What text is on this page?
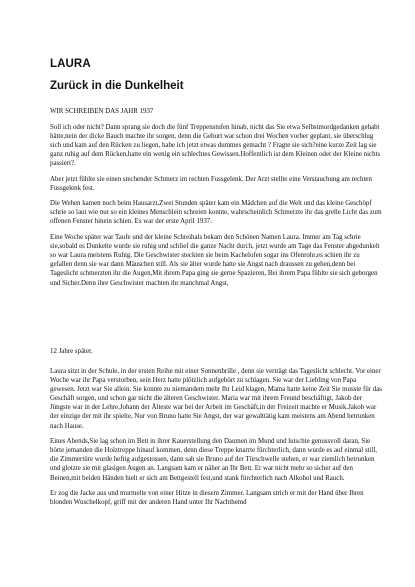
LAURA
Zurück in die Dunkelheit

WIR SCHREIBEN DAS JAHR 1937

Soll ich oder nicht? Dann sprang sie doch die fünf Treppenstufen hinab, nicht das Sie etwa Selbstmordgedanken gehabt hätte,nein der dicke Bauch machte ihr sorgen, denn die Geburt war schon drei Wochen vorher geplant, sie überschlug sich und kam auf den Rücken zu liegen, habe ich jetzt etwas dummes gemacht ? Fragte sie sich?eine kurze Zeit lag sie ganz ruhig auf dem Rücken,hatte ein wenig ein schlechtes Gewissen.Hoffentlich ist dem Kleinen oder der Kleine nichts passiert?.

Aber jetzt fühlte sie einen stechender Schmerz im rechten Fussgelenk. Der Arzt stellte eine Verstauchung am rechten Fussgelenk fest.

Die Wehen kamen noch beim Hausarzt,Zwei Stunden später kam ein Mädchen auf die Welt und das kleine Geschöpf schrie so laut wie nur so ein kleines Menschlein schreien konnte, wahrscheinlich Schmerzte ihr das grelle Licht das zum offenen Fenster hinein schien. Es war der erste April 1937.

Eine Woche später war Taufe und der kleine Schreihals bekam den Schönen Namen Laura. Immer am Tag schrie sie,sobald es Dunkelte wurde sie ruhig und schlief die ganze Nacht durch, jetzt wurde am Tage das Fenster abgedunkelt so war Laura meistens Ruhig. Die Geschwister steckten sie beim Kachelofen sogar ins Ofenrohr,es schien ihr zu gefallen denn sie war dann Mäuschen still. Als sie älter wurde hatte sie Angst nach draussen zu gehen,denn bei Tageslicht schmerzten ihr die Augen,Mit ihrem Papa ging sie gerne Spazieren, Bei ihrem Papa fühlte sie sich geborgen und Sicher.Denn ihre Geschwister machten ihr manchmal Angst,

12 Jahre später.

Laura sitzt in der Schule, in der ersten Reihe mit einer Sonnenbrille , denn sie verträgt das Tageslicht schlecht. Vor einer Woche war ihr Papa verstorben, sein Herz hatte plötzlich aufgehört zu schlagen. Sie war der Liebling von Papa gewesen. Jetzt war Sie allein. Sie konnte zu niemandem mehr Ihr Leid klagen, Mama hatte keine Zeit Sie musste für das Geschäft sorgen, und schon gar nicht die älteren Geschwister. Maria war mit ihrem Freund beschäftigt, Jakob der Jüngste war in der Lehre,Johann der Älteste war bei der Arbeit im Geschäft,in der Freizeit machte er Musik.Jakob war der einzige der mit ihr spielte, Nur von Bruno hatte Sie Angst, der war gewalttätig kam meistens am Abend betrunken nach Hause.

Eines Abends,Sie lag schon im Bett in ihrer Kauerstellung den Daumen im Mund und lutschte genussvoll daran, Sie hörte jemanden die Holztreppe hinauf kommen, denn diese Treppe knarrte fürchterlich, dann wurde es auf einmal still, die Zimmertüre wurde heftig aufgestossen, dann sah sie Bruno auf der Türschwelle stehen, er war ziemlich betrunken und glotzte sie mit glasigen Augen an. Langsam kam er näher an Ihr Bett. Er war nicht mehr so sicher auf den Beinen,mit beiden Händen hielt er sich am Bettgestell fest,und stank fürchterlich nach Alkohol und Rauch.

Er zog die Jacke aus und murmelte von einer Hitze in diesem Zimmer. Langsam strich er mit der Hand über Ihren blonden Wuschelkopf, griff mit der anderen Hand unter Ihr Nachthemd
